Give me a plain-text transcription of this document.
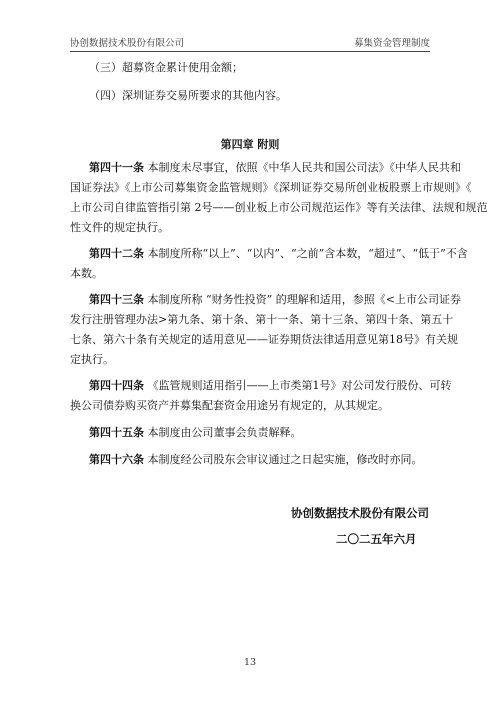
协创数据技术股份有限公司	募集资金管理制度
（三）超募资金累计使用金额；
（四）深圳证券交易所要求的其他内容。
第四章 附则
第四十一条 本制度未尽事宜，依照《中华人民共和国公司法》《中华人民共和
国证券法》《上市公司募集资金监管规则》《深圳证券交易所创业板股票上市规则》《
上市公司自律监管指引第 2号——创业板上市公司规范运作》等有关法律、法规和规范
性文件的规定执行。
第四十二条 本制度所称“以上”、“以内”、“之前”含本数，“超过”、“低于”不含
本数。
第四十三条 本制度所称 “财务性投资” 的理解和适用，参照《<上市公司证券
发行注册管理办法>第九条、第十条、第十一条、第十三条、第四十条、第五十
七条、第六十条有关规定的适用意见——证券期货法律适用意见第18号》有关规
定执行。
第四十四条 《监管规则适用指引——上市类第1号》对公司发行股份、可转
换公司债券购买资产并募集配套资金用途另有规定的，从其规定。
第四十五条 本制度由公司董事会负责解释。
第四十六条 本制度经公司股东会审议通过之日起实施，修改时亦同。
协创数据技术股份有限公司
二〇二五年六月
13
